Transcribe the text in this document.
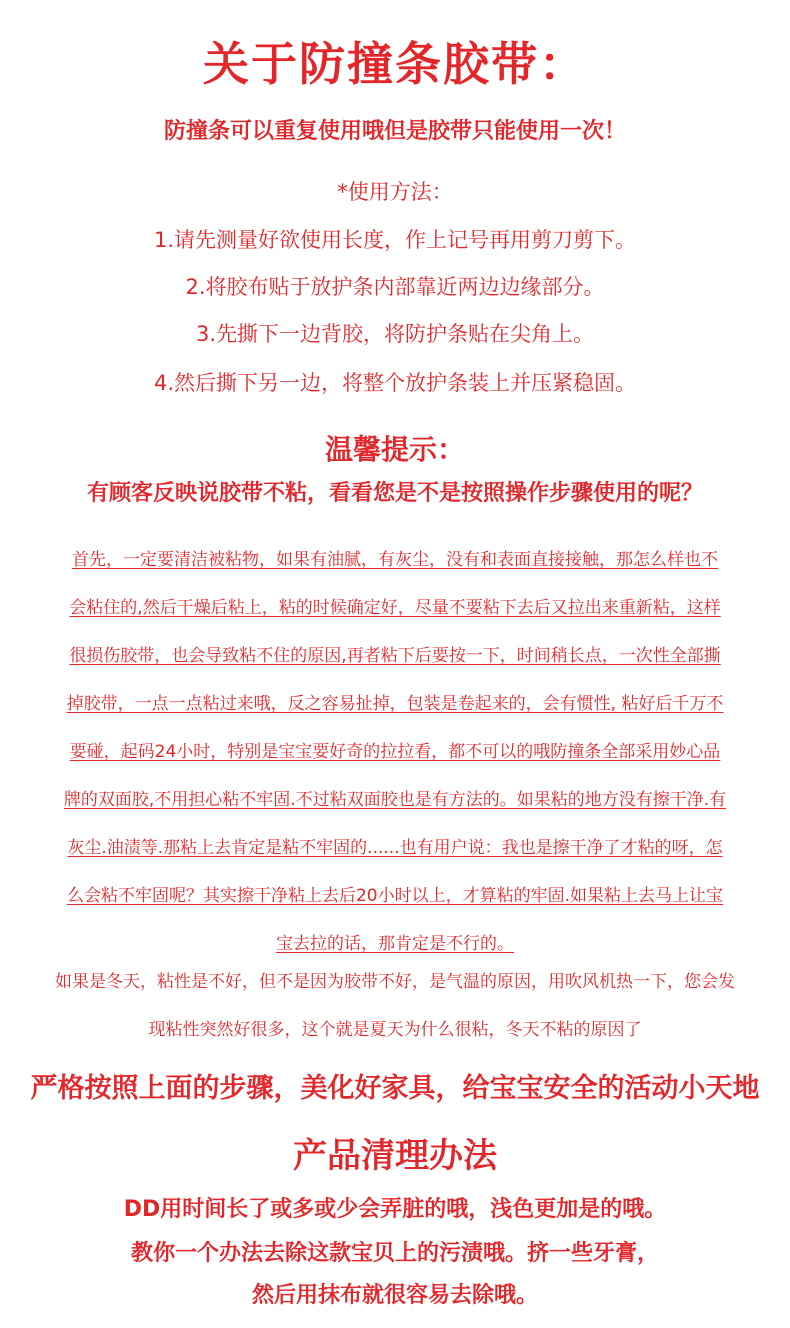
关于防撞条胶带：
防撞条可以重复使用哦但是胶带只能使用一次！
*使用方法：
1.请先测量好欲使用长度，作上记号再用剪刀剪下。
2.将胶布贴于放护条内部靠近两边边缘部分。
3.先撕下一边背胶，将防护条贴在尖角上。
4.然后撕下另一边，将整个放护条装上并压紧稳固。
温馨提示：
有顾客反映说胶带不粘，看看您是不是按照操作步骤使用的呢？
首先，一定要清洁被粘物，如果有油腻，有灰尘，没有和表面直接接触，那怎么样也不
会粘住的,然后干燥后粘上，粘的时候确定好，尽量不要粘下去后又拉出来重新粘，这样
很损伤胶带，也会导致粘不住的原因,再者粘下后要按一下，时间稍长点，一次性全部撕
掉胶带，一点一点粘过来哦，反之容易扯掉，包装是卷起来的，会有惯性, 粘好后千万不
要碰，起码24小时，特别是宝宝要好奇的拉拉看，都不可以的哦防撞条全部采用妙心品
牌的双面胶,不用担心粘不牢固.不过粘双面胶也是有方法的。如果粘的地方没有擦干净.有
灰尘.油渍等.那粘上去肯定是粘不牢固的......也有用户说：我也是擦干净了才粘的呀，怎
么会粘不牢固呢？其实擦干净粘上去后20小时以上，才算粘的牢固.如果粘上去马上让宝
宝去拉的话，那肯定是不行的。
如果是冬天，粘性是不好，但不是因为胶带不好，是气温的原因，用吹风机热一下，您会发
现粘性突然好很多，这个就是夏天为什么很粘，冬天不粘的原因了
严格按照上面的步骤，美化好家具，给宝宝安全的活动小天地
产品清理办法
DD用时间长了或多或少会弄脏的哦，浅色更加是的哦。
教你一个办法去除这款宝贝上的污渍哦。挤一些牙膏，
然后用抹布就很容易去除哦。
